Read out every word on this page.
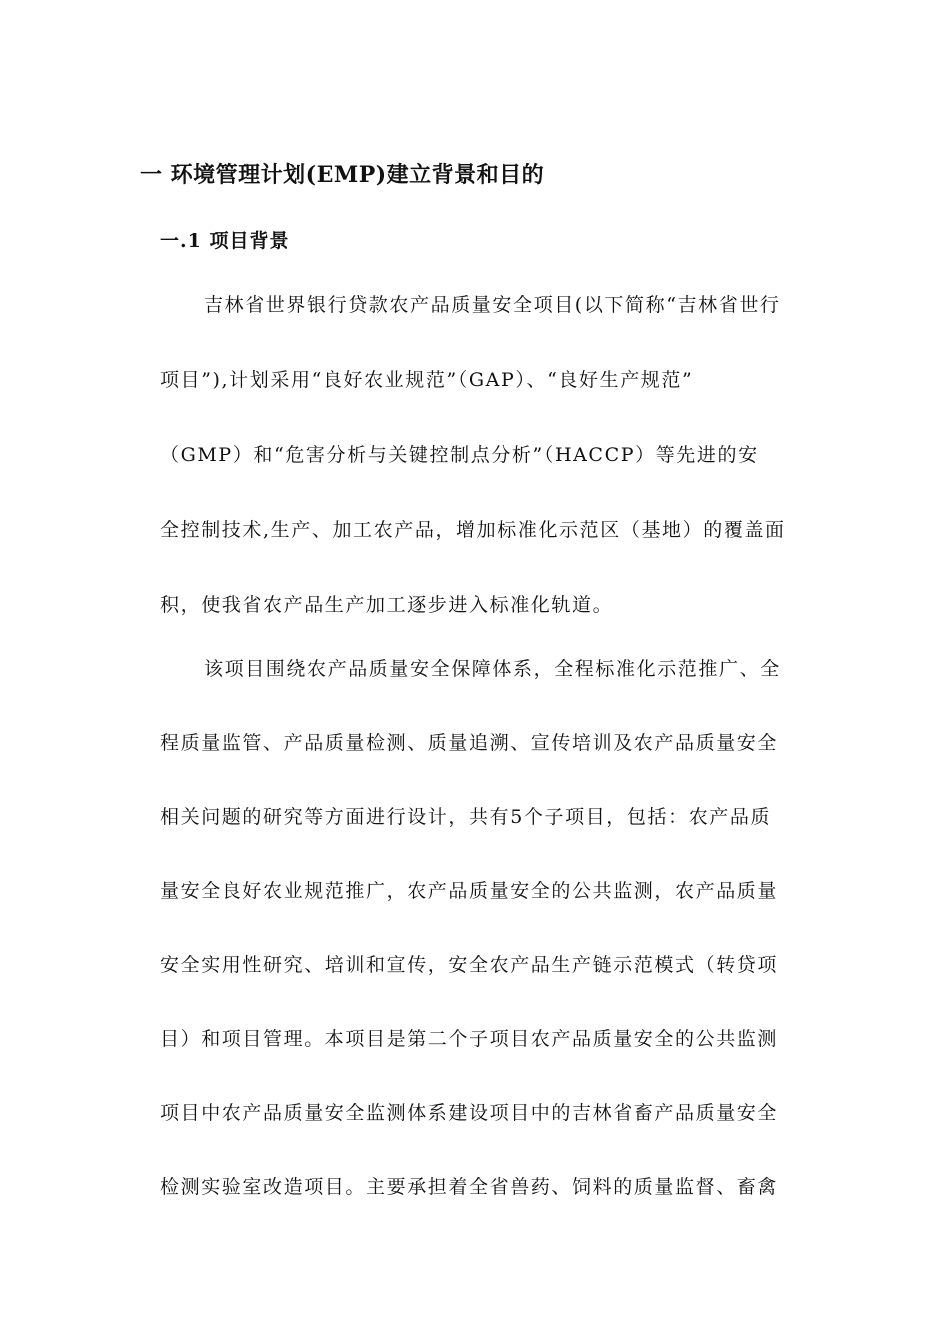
一 环境管理计划(EMP)建立背景和目的
一.1 项目背景
吉林省世界银行贷款农产品质量安全项目(以下简称“吉林省世行
项目”),计划采用“良好农业规范”（GAP）、“良好生产规范”
（GMP）和“危害分析与关键控制点分析”（HACCP）等先进的安
全控制技术,生产、加工农产品，增加标准化示范区（基地）的覆盖面
积，使我省农产品生产加工逐步进入标准化轨道。
该项目围绕农产品质量安全保障体系，全程标准化示范推广、全
程质量监管、产品质量检测、质量追溯、宣传培训及农产品质量安全
相关问题的研究等方面进行设计，共有5个子项目，包括：农产品质
量安全良好农业规范推广，农产品质量安全的公共监测，农产品质量
安全实用性研究、培训和宣传，安全农产品生产链示范模式（转贷项
目）和项目管理。本项目是第二个子项目农产品质量安全的公共监测
项目中农产品质量安全监测体系建设项目中的吉林省畜产品质量安全
检测实验室改造项目。主要承担着全省兽药、饲料的质量监督、畜禽
